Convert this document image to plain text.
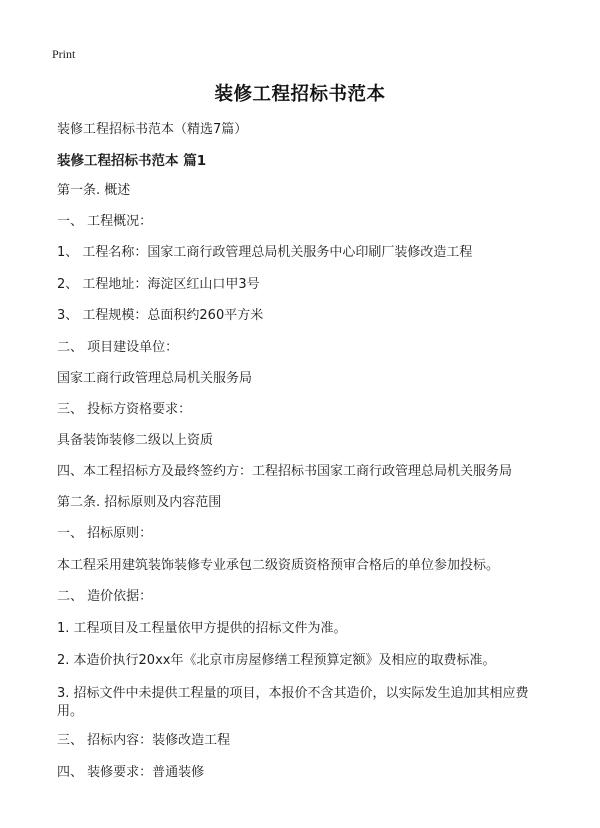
Print
装修工程招标书范本
装修工程招标书范本（精选7篇）
装修工程招标书范本 篇1
第一条. 概述
一、 工程概况：
1、 工程名称：国家工商行政管理总局机关服务中心印刷厂装修改造工程
2、 工程地址：海淀区红山口甲3号
3、 工程规模：总面积约260平方米
二、 项目建设单位：
国家工商行政管理总局机关服务局
三、 投标方资格要求：
具备装饰装修二级以上资质
四、本工程招标方及最终签约方：工程招标书国家工商行政管理总局机关服务局
第二条. 招标原则及内容范围
一、 招标原则：
本工程采用建筑装饰装修专业承包二级资质资格预审合格后的单位参加投标。
二、 造价依据：
1. 工程项目及工程量依甲方提供的招标文件为准。
2. 本造价执行20xx年《北京市房屋修缮工程预算定额》及相应的取费标准。
3. 招标文件中未提供工程量的项目，本报价不含其造价，以实际发生追加其相应费用。
三、 招标内容：装修改造工程
四、 装修要求：普通装修
